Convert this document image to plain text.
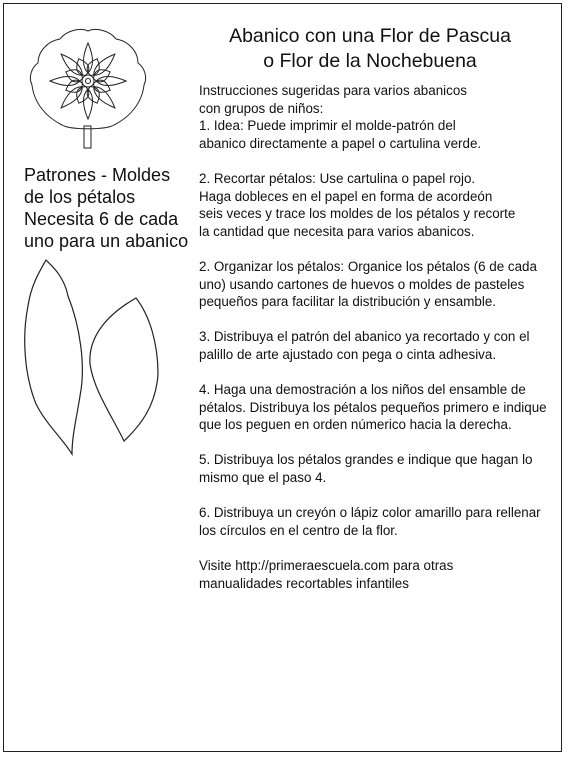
Abanico con una Flor de Pascua
o Flor de la Nochebuena
Patrones - Moldes
de los pétalos
Necesita 6 de cada
uno para un abanico

Instrucciones sugeridas para varios abanicos
con grupos de niños:
1. Idea: Puede imprimir el molde-patrón del
abanico directamente a papel o cartulina verde.

2. Recortar pétalos: Use cartulina o papel rojo.
Haga dobleces en el papel en forma de acordeón
seis veces y trace los moldes de los pétalos y recorte
la cantidad que necesita para varios abanicos.

2. Organizar los pétalos: Organice los pétalos (6 de cada
uno) usando cartones de huevos o moldes de pasteles
pequeños para facilitar la distribución y ensamble.

3. Distribuya el patrón del abanico ya recortado y con el
palillo de arte ajustado con pega o cinta adhesiva.

4. Haga una demostración a los niños del ensamble de
pétalos. Distribuya los pétalos pequeños primero e indique
que los peguen en orden númerico hacia la derecha.

5. Distribuya los pétalos grandes e indique que hagan lo
mismo que el paso 4.

6. Distribuya un creyón o lápiz color amarillo para rellenar
los círculos en el centro de la flor.

Visite http://primeraescuela.com para otras
manualidades recortables infantiles
